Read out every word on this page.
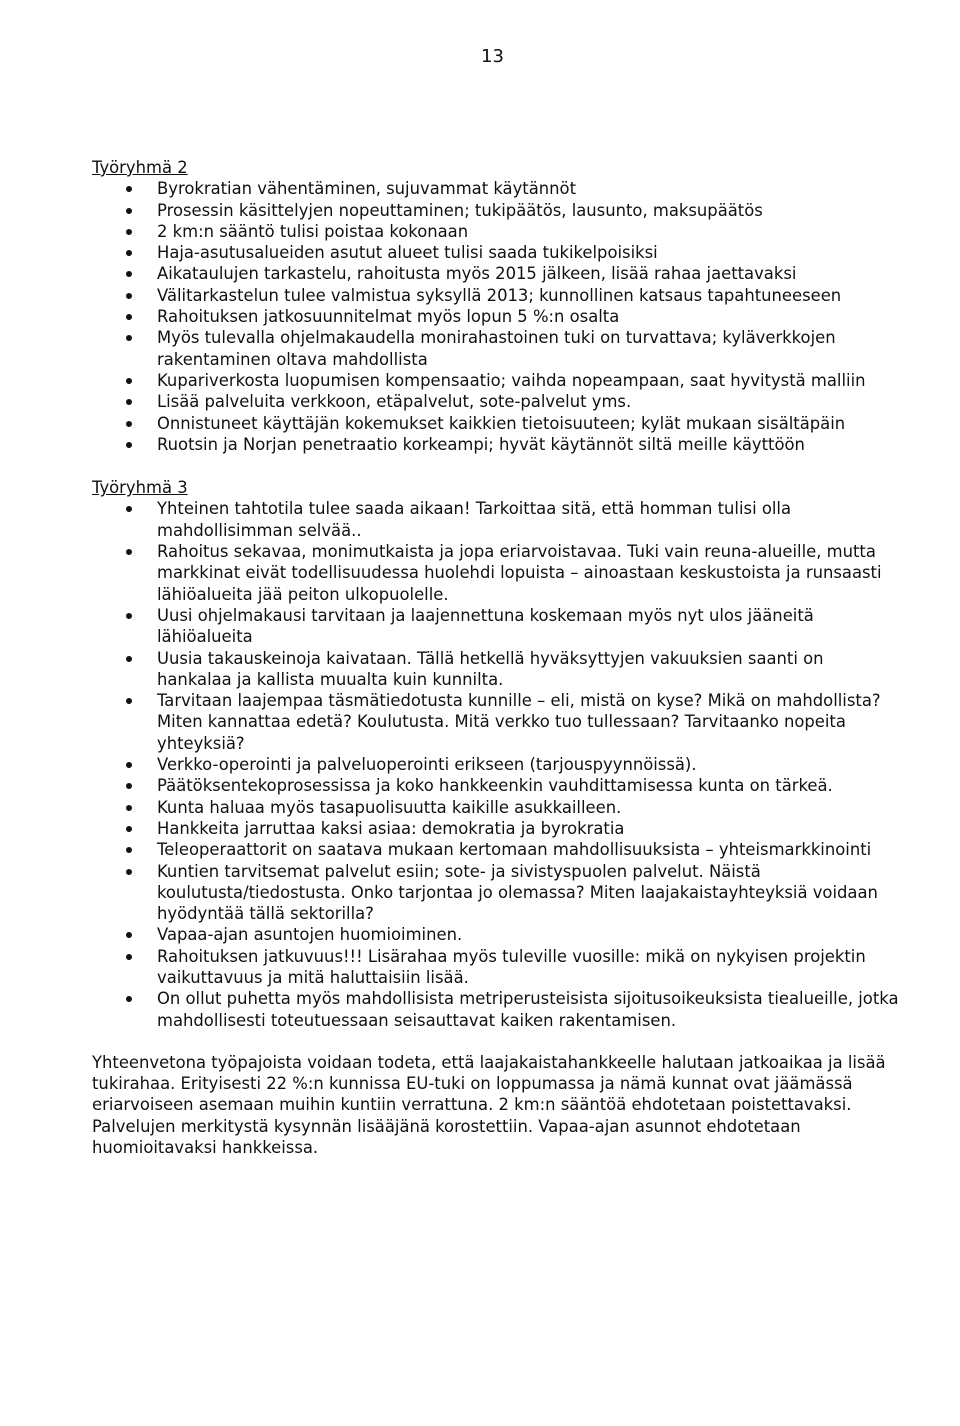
13

Työryhmä 2

Byrokratian vähentäminen, sujuvammat käytännöt
Prosessin käsittelyjen nopeuttaminen; tukipäätös, lausunto, maksupäätös
2 km:n sääntö tulisi poistaa kokonaan
Haja-asutusalueiden asutut alueet tulisi saada tukikelpoisiksi
Aikataulujen tarkastelu, rahoitusta myös 2015 jälkeen, lisää rahaa jaettavaksi
Välitarkastelun tulee valmistua syksyllä 2013; kunnollinen katsaus tapahtuneeseen
Rahoituksen jatkosuunnitelmat myös lopun 5 %:n osalta
Myös tulevalla ohjelmakaudella monirahastoinen tuki on turvattava; kyläverkkojen rakentaminen oltava mahdollista
Kupariverkosta luopumisen kompensaatio; vaihda nopeampaan, saat hyvitystä malliin
Lisää palveluita verkkoon, etäpalvelut, sote-palvelut yms.
Onnistuneet käyttäjän kokemukset kaikkien tietoisuuteen; kylät mukaan sisältäpäin
Ruotsin ja Norjan penetraatio korkeampi; hyvät käytännöt siltä meille käyttöön

Työryhmä 3

Yhteinen tahtotila tulee saada aikaan! Tarkoittaa sitä, että homman tulisi olla mahdollisimman selvää..
Rahoitus sekavaa, monimutkaista ja jopa eriarvoistavaa. Tuki vain reuna-alueille, mutta markkinat eivät todellisuudessa huolehdi lopuista – ainoastaan keskustoista ja runsaasti lähiöalueita jää peiton ulkopuolelle.
Uusi ohjelmakausi tarvitaan ja laajennettuna koskemaan myös nyt ulos jääneitä lähiöalueita
Uusia takauskeinoja kaivataan. Tällä hetkellä hyväksyttyjen vakuuksien saanti on hankalaa ja kallista muualta kuin kunnilta.
Tarvitaan laajempaa täsmätiedotusta kunnille – eli, mistä on kyse? Mikä on mahdollista? Miten kannattaa edetä? Koulutusta. Mitä verkko tuo tullessaan? Tarvitaanko nopeita yhteyksiä?
Verkko-operointi ja palveluoperointi erikseen (tarjouspyynnöissä).
Päätöksentekoprosessissa ja koko hankkeenkin vauhdittamisessa kunta on tärkeä.
Kunta haluaa myös tasapuolisuutta kaikille asukkailleen.
Hankkeita jarruttaa kaksi asiaa: demokratia ja byrokratia
Teleoperaattorit on saatava mukaan kertomaan mahdollisuuksista – yhteismarkkinointi
Kuntien tarvitsemat palvelut esiin; sote- ja sivistyspuolen palvelut. Näistä koulutusta/tiedostusta. Onko tarjontaa jo olemassa? Miten laajakaistayhteyksiä voidaan hyödyntää tällä sektorilla?
Vapaa-ajan asuntojen huomioiminen.
Rahoituksen jatkuvuus!!! Lisärahaa myös tuleville vuosille: mikä on nykyisen projektin vaikuttavuus ja mitä haluttaisiin lisää.
On ollut puhetta myös mahdollisista metriperusteisista sijoitusoikeuksista tiealueille, jotka mahdollisesti toteutuessaan seisauttavat kaiken rakentamisen.

Yhteenvetona työpajoista voidaan todeta, että laajakaistahankkeelle halutaan jatkoaikaa ja lisää tukirahaa. Erityisesti 22 %:n kunnissa EU-tuki on loppumassa ja nämä kunnat ovat jäämässä eriarvoiseen asemaan muihin kuntiin verrattuna. 2 km:n sääntöä ehdotetaan poistettavaksi. Palvelujen merkitystä kysynnän lisääjänä korostettiin. Vapaa-ajan asunnot ehdotetaan huomioitavaksi hankkeissa.
